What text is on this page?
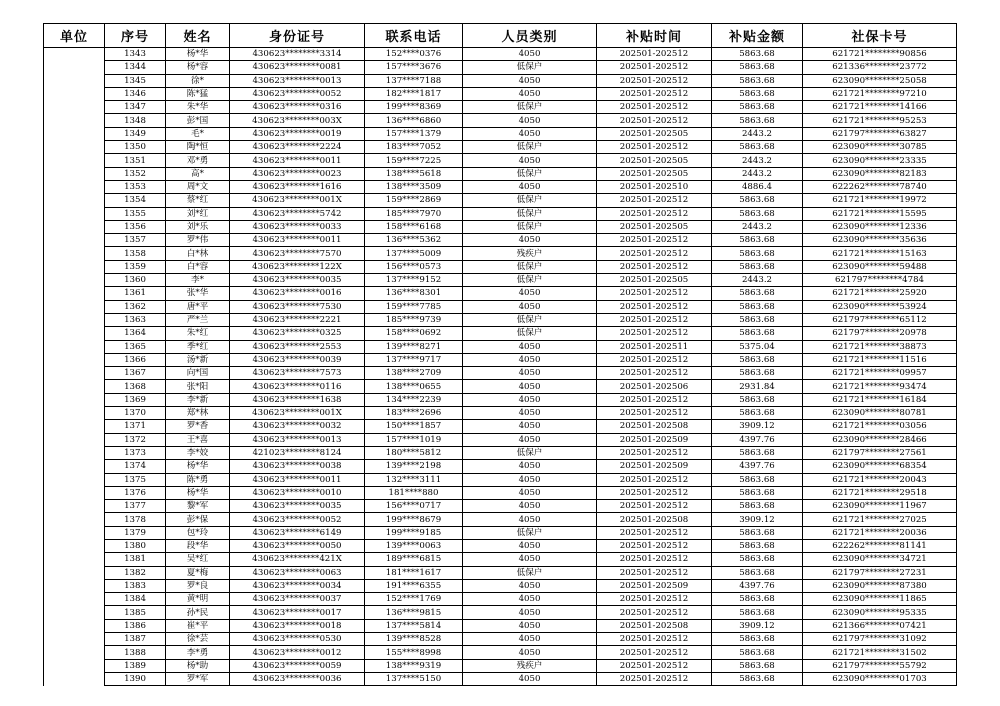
单位	序号	姓名	身份证号	联系电话	人员类别	补贴时间	补贴金额	社保卡号
	1343	杨*华	430623********3314	152****0376	4050	202501-202512	5863.68	621721********90856
	1344	杨*容	430623********0081	157****3676	低保户	202501-202512	5863.68	621336********23772
	1345	徐*	430623********0013	137****7188	4050	202501-202512	5863.68	623090********25058
	1346	陈*猛	430623********0052	182****1817	4050	202501-202512	5863.68	621721********97210
	1347	朱*华	430623********0316	199****8369	低保户	202501-202512	5863.68	621721********14166
	1348	彭*国	430623********003X	136****6860	4050	202501-202512	5863.68	621721********95253
	1349	毛*	430623********0019	157****1379	4050	202501-202505	2443.2	621797********63827
	1350	陶*恒	430623********2224	183****7052	低保户	202501-202512	5863.68	623090********30785
	1351	邓*勇	430623********0011	159****7225	4050	202501-202505	2443.2	623090********23335
	1352	高*	430623********0023	138****5618	低保户	202501-202505	2443.2	623090********82183
	1353	周*文	430623********1616	138****3509	4050	202501-202510	4886.4	622262********78740
	1354	蔡*红	430623********001X	159****2869	低保户	202501-202512	5863.68	621721********19972
	1355	刘*红	430623********5742	185****7970	低保户	202501-202512	5863.68	621721********15595
	1356	刘*乐	430623********0033	158****6168	低保户	202501-202505	2443.2	623090********12336
	1357	罗*伟	430623********0011	136****5362	4050	202501-202512	5863.68	623090********35636
	1358	白*林	430623********7570	137****5009	残疾户	202501-202512	5863.68	621721********15163
	1359	白*容	430623********122X	156****0573	低保户	202501-202512	5863.68	623090********59488
	1360	李*	430623********0035	137****9152	低保户	202501-202505	2443.2	621797********4784
	1361	张*华	430623********0016	136****8301	4050	202501-202512	5863.68	621721********25920
	1362	唐*平	430623********7530	159****7785	4050	202501-202512	5863.68	623090********53924
	1363	严*兰	430623********2221	185****9739	低保户	202501-202512	5863.68	621797********65112
	1364	朱*红	430623********0325	158****0692	低保户	202501-202512	5863.68	621797********20978
	1365	季*红	430623********2553	139****8271	4050	202501-202511	5375.04	621721********38873
	1366	汤*新	430623********0039	137****9717	4050	202501-202512	5863.68	621721********11516
	1367	向*国	430623********7573	138****2709	4050	202501-202512	5863.68	621721********09957
	1368	张*阳	430623********0116	138****0655	4050	202501-202506	2931.84	621721********93474
	1369	李*新	430623********1638	134****2239	4050	202501-202512	5863.68	621721********16184
	1370	郑*林	430623********001X	183****2696	4050	202501-202512	5863.68	623090********80781
	1371	罗*香	430623********0032	150****1857	4050	202501-202508	3909.12	621721********03056
	1372	王*喜	430623********0013	157****1019	4050	202501-202509	4397.76	623090********28466
	1373	李*姣	421023********8124	180****5812	低保户	202501-202512	5863.68	621797********27561
	1374	杨*华	430623********0038	139****2198	4050	202501-202509	4397.76	623090********68354
	1375	陈*勇	430623********0011	132****3111	4050	202501-202512	5863.68	621721********20043
	1376	杨*华	430623********0010	181****880	4050	202501-202512	5863.68	621721********29518
	1377	黎*军	430623********0035	156****0717	4050	202501-202512	5863.68	623090********11967
	1378	彭*保	430623********0052	199****8679	4050	202501-202508	3909.12	621721********27025
	1379	包*玲	430623********6149	199****9185	低保户	202501-202512	5863.68	621721********20036
	1380	段*华	430623********0050	139****0063	4050	202501-202512	5863.68	622262********81141
	1381	吴*红	430623********421X	189****6815	4050	202501-202512	5863.68	623090********34721
	1382	夏*梅	430623********0063	181****1617	低保户	202501-202512	5863.68	621797********27231
	1383	罗*良	430623********0034	191****6355	4050	202501-202509	4397.76	623090********87380
	1384	黄*明	430623********0037	152****1769	4050	202501-202512	5863.68	623090********11865
	1385	孙*民	430623********0017	136****9815	4050	202501-202512	5863.68	623090********95335
	1386	崔*平	430623********0018	137****5814	4050	202501-202508	3909.12	621366********07421
	1387	徐*芸	430623********0530	139****8528	4050	202501-202512	5863.68	621797********31092
	1388	李*勇	430623********0012	155****8998	4050	202501-202512	5863.68	621721********31502
	1389	杨*助	430623********0059	138****9319	残疾户	202501-202512	5863.68	621797********55792
	1390	罗*军	430623********0036	137****5150	4050	202501-202512	5863.68	623090********01703
